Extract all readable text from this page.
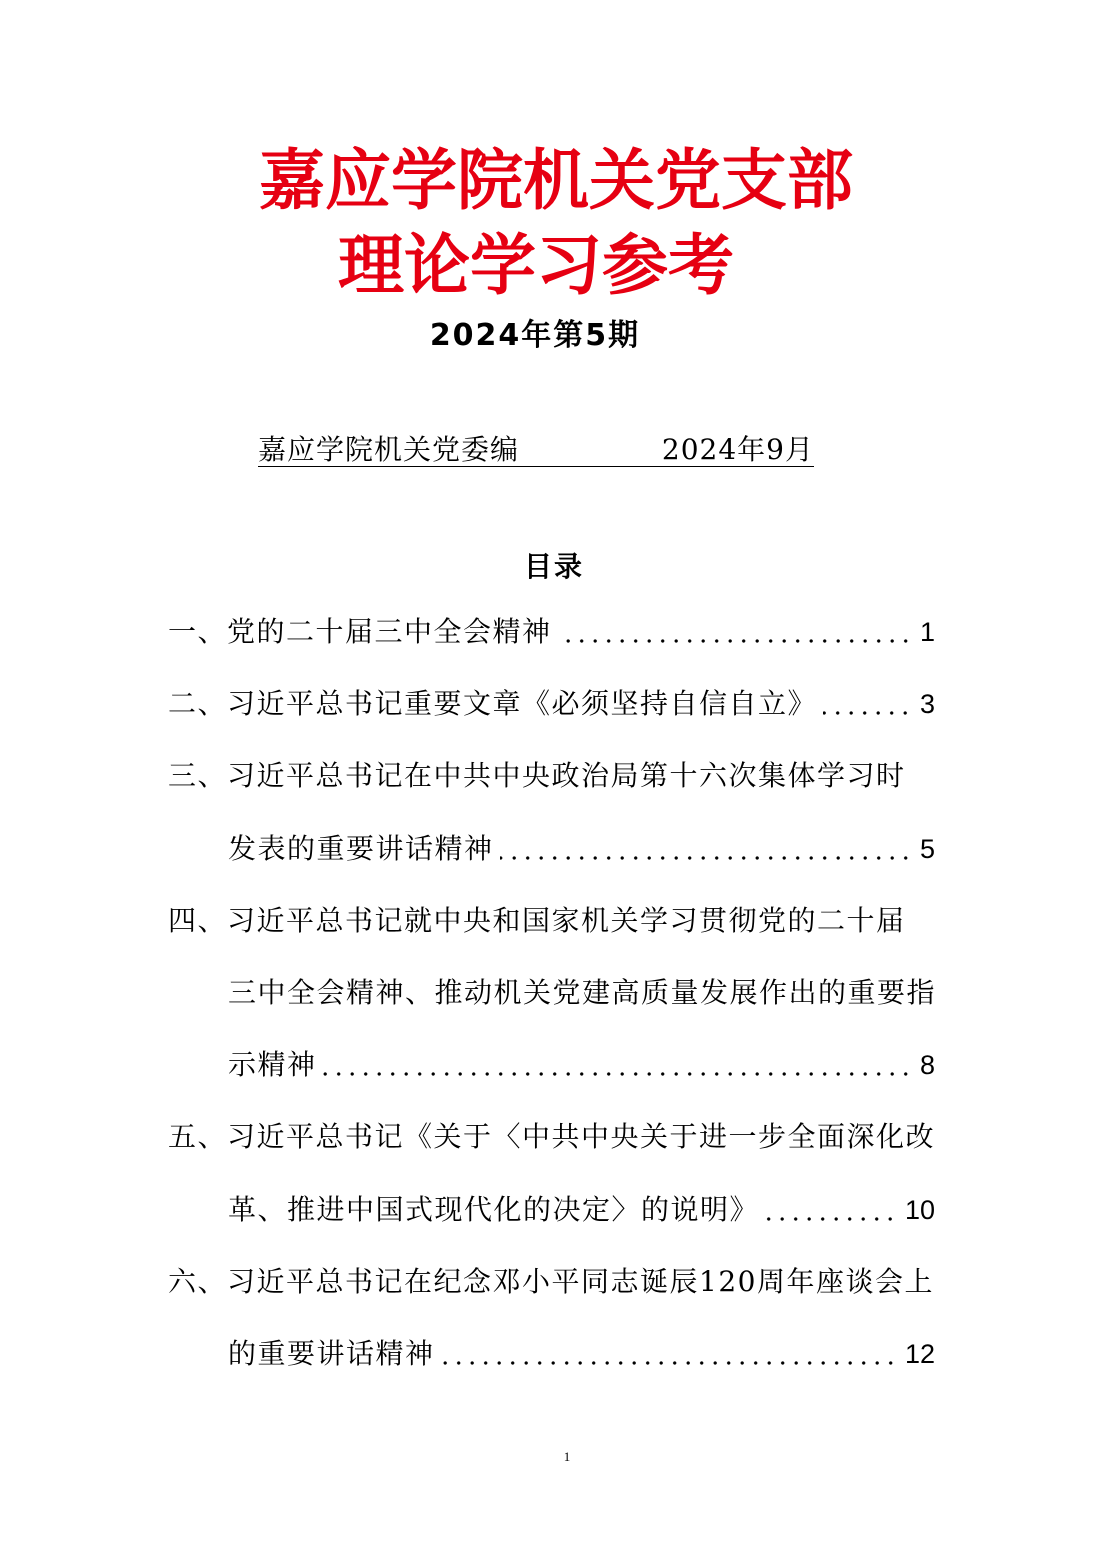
嘉应学院机关党支部
理论学习参考
2024年第5期
嘉应学院机关党委编	2024年9月
目录
一、 党的二十届三中全会精神	1
二、 习近平总书记重要文章《必须坚持自信自立》	3
三、 习近平总书记在中共中央政治局第十六次集体学习时
发表的重要讲话精神	5
四、 习近平总书记就中央和国家机关学习贯彻党的二十届
三中全会精神、推动机关党建高质量发展作出的重要指
示精神	8
五、 习近平总书记《关于〈中共中央关于进一步全面深化改
革、推进中国式现代化的决定〉的说明》	10
六、 习近平总书记在纪念邓小平同志诞辰120周年座谈会上
的重要讲话精神	12
1
